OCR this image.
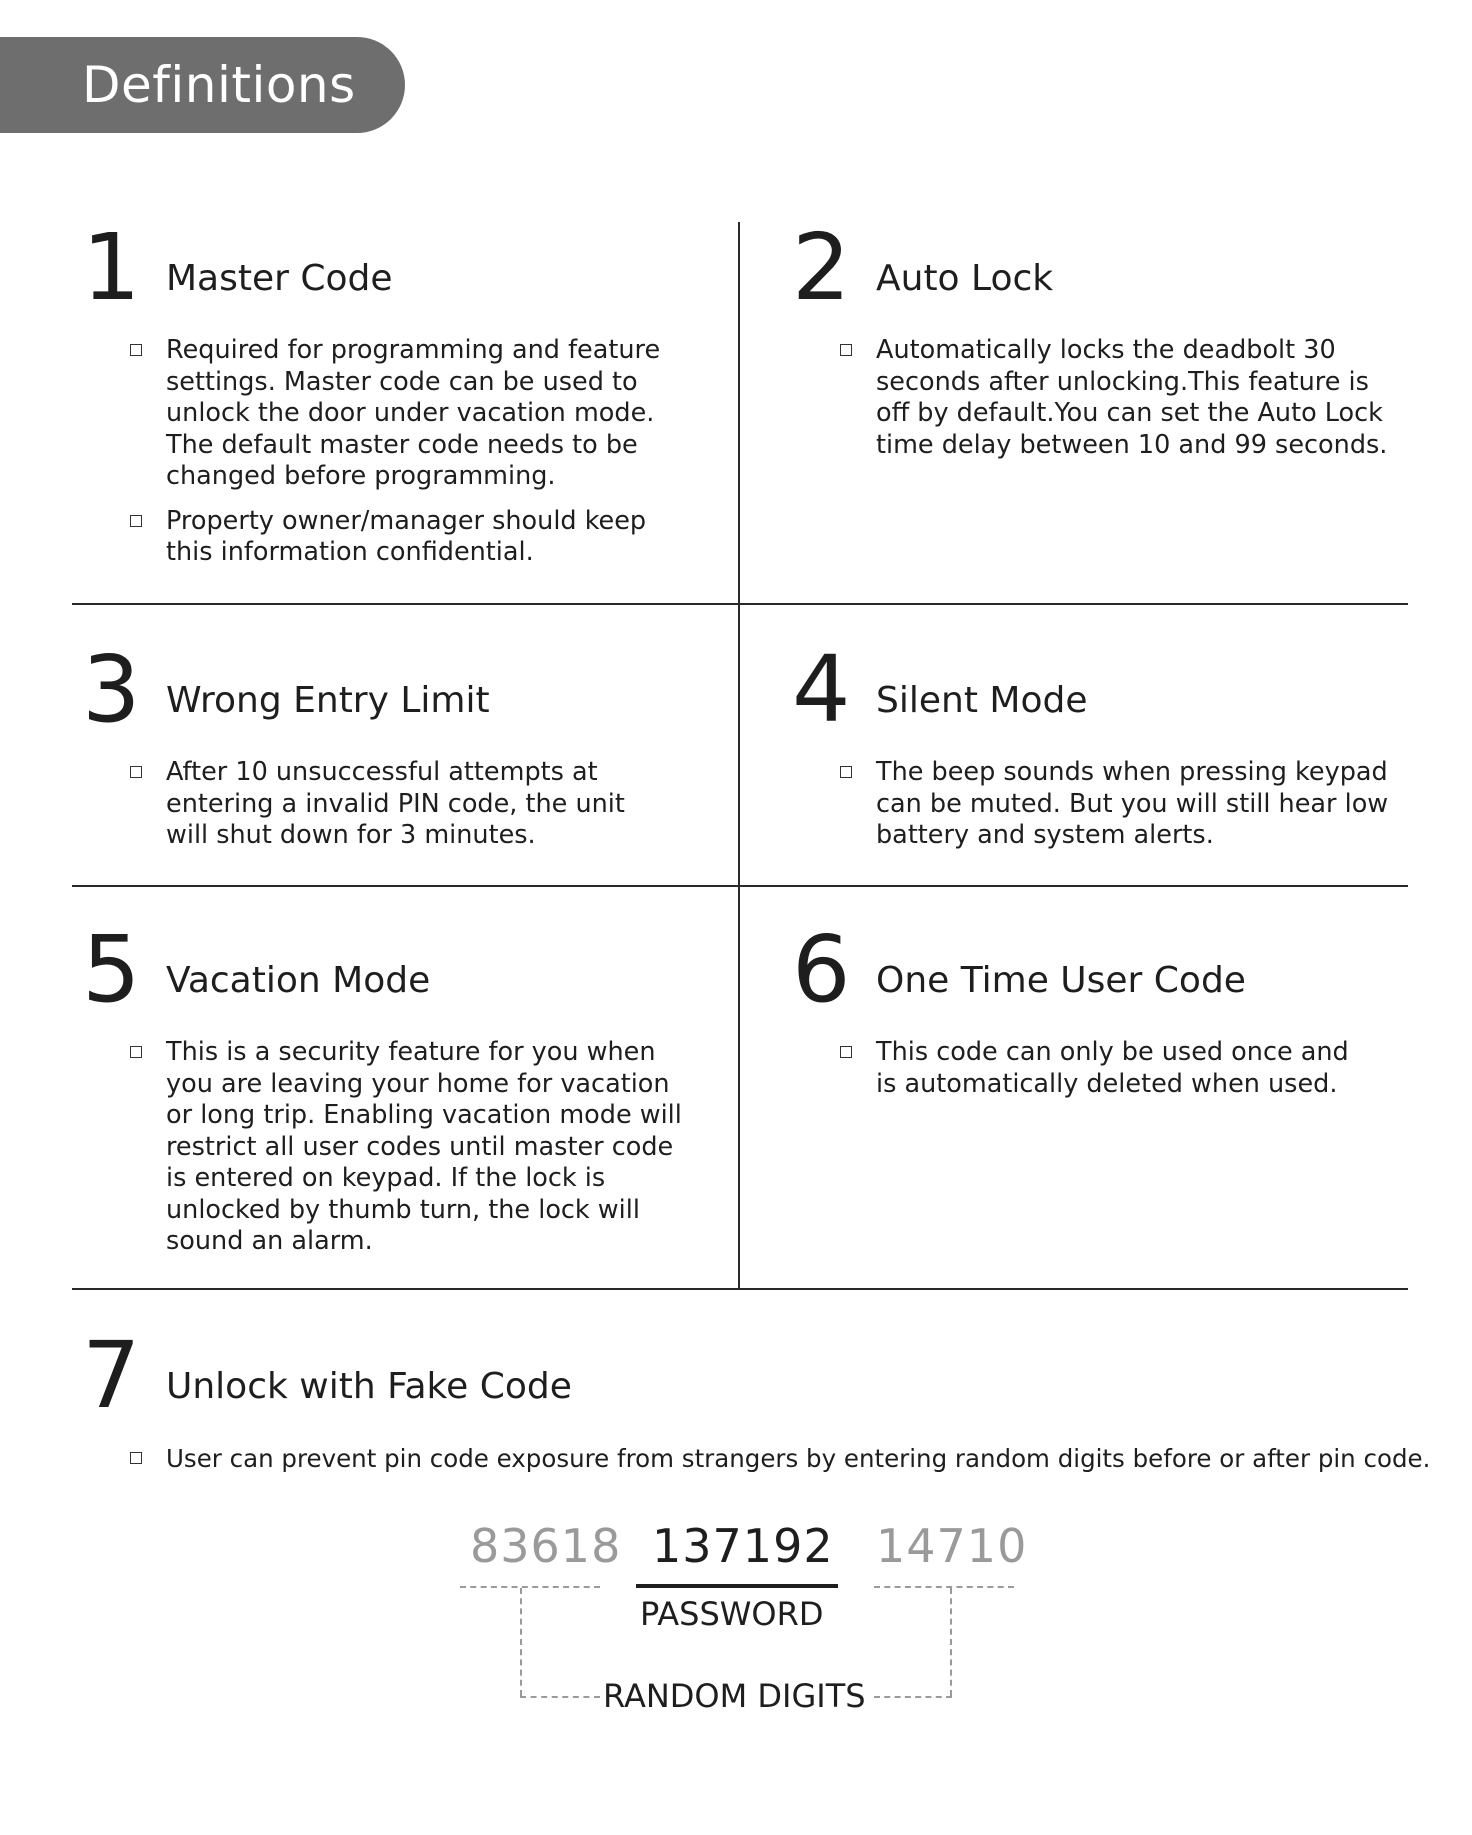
Definitions
1 Master Code
Required for programming and feature settings. Master code can be used to unlock the door under vacation mode. The default master code needs to be changed before programming.
Property owner/manager should keep this information confidential.
2 Auto Lock
Automatically locks the deadbolt 30 seconds after unlocking.This feature is off by default.You can set the Auto Lock time delay between 10 and 99 seconds.
3 Wrong Entry Limit
After 10 unsuccessful attempts at entering a invalid PIN code, the unit will shut down for 3 minutes.
4 Silent Mode
The beep sounds when pressing keypad can be muted. But you will still hear low battery and system alerts.
5 Vacation Mode
This is a security feature for you when you are leaving your home for vacation or long trip. Enabling vacation mode will restrict all user codes until master code is entered on keypad. If the lock is unlocked by thumb turn, the lock will sound an alarm.
6 One Time User Code
This code can only be used once and is automatically deleted when used.
7 Unlock with Fake Code
User can prevent pin code exposure from strangers by entering random digits before or after pin code.
83618 137192 14710
PASSWORD
RANDOM DIGITS
